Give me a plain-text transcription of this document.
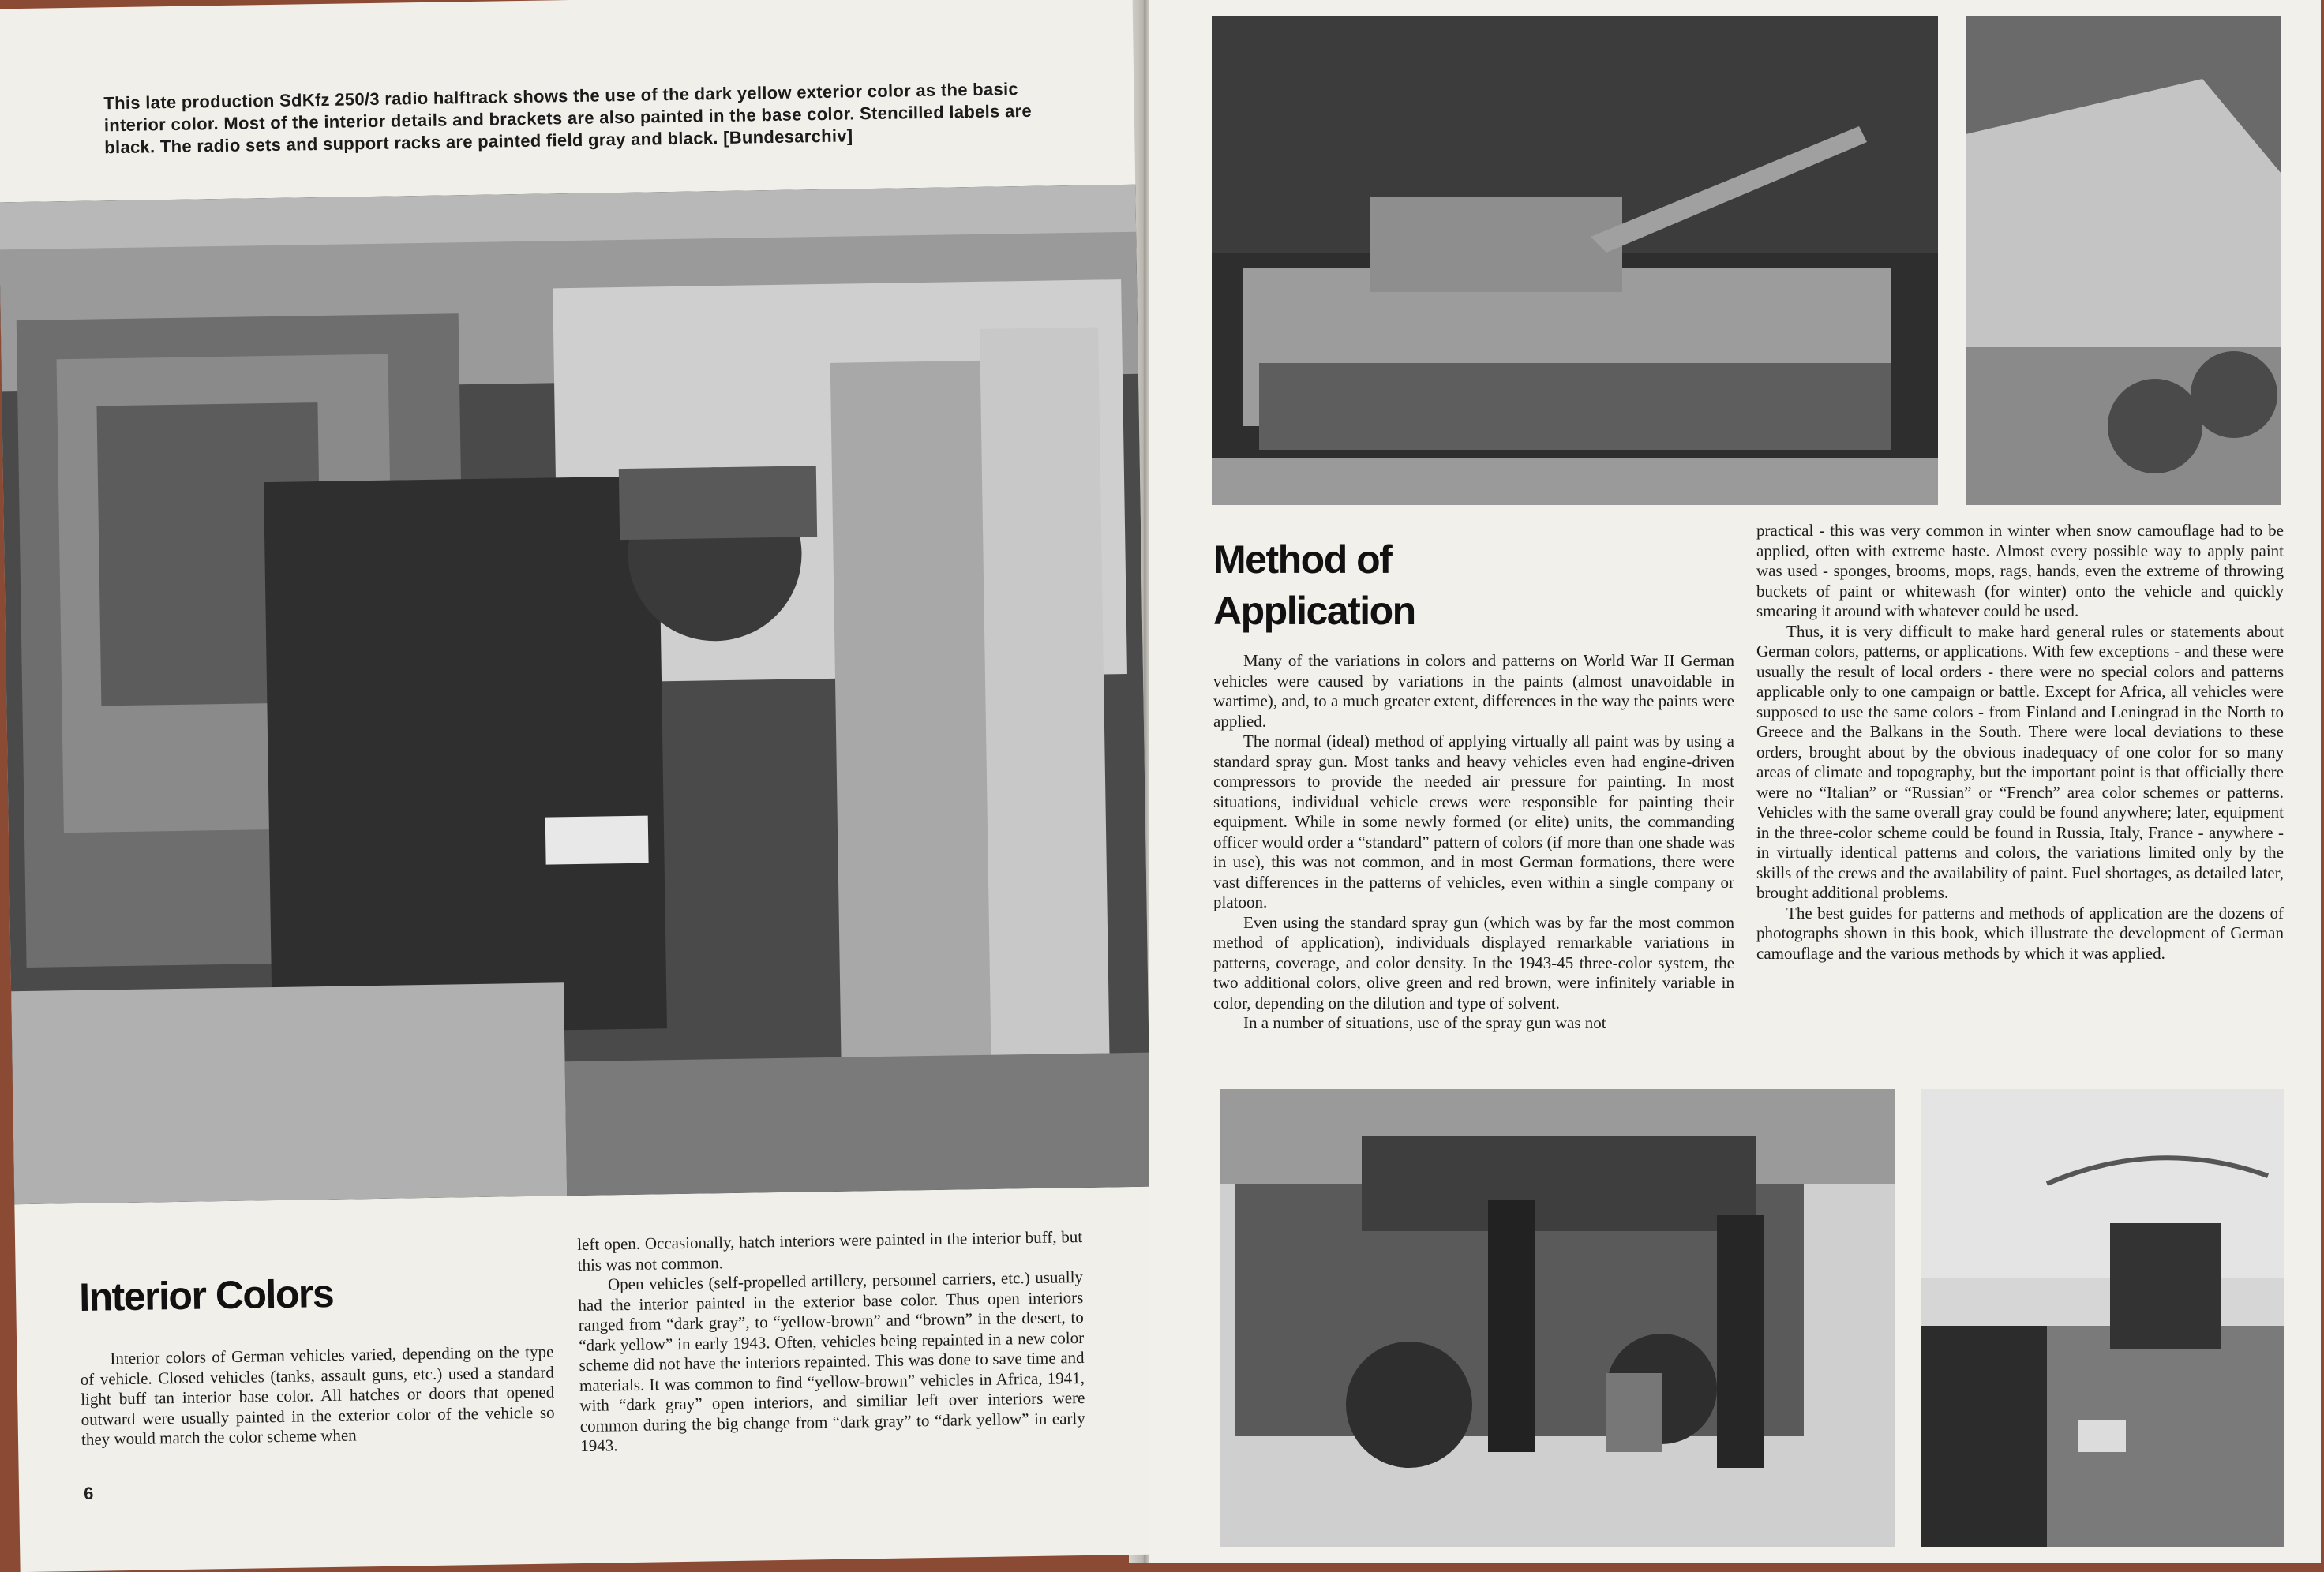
This late production SdKfz 250/3 radio halftrack shows the use of the dark yellow exterior color as the basic interior color. Most of the interior details and brackets are also painted in the base color. Stencilled labels are black. The radio sets and support racks are painted field gray and black. [Bundesarchiv]
Interior Colors

Interior colors of German vehicles varied, depending on the type of vehicle. Closed vehicles (tanks, assault guns, etc.) used a standard light buff tan interior base color. All hatches or doors that opened outward were usually painted in the exterior color of the vehicle so they would match the color scheme when

left open. Occasionally, hatch interiors were painted in the interior buff, but this was not common.

Open vehicles (self-propelled artillery, personnel carriers, etc.) usually had the interior painted in the exterior base color. Thus open interiors ranged from “dark gray”, to “yellow-brown” and “brown” in the desert, to “dark yellow” in early 1943. Often, vehicles being repainted in a new color scheme did not have the interiors repainted. This was done to save time and materials. It was common to find “yellow-brown” vehicles in Africa, 1941, with “dark gray” open interiors, and similiar left over interiors were common during the big change from “dark gray” to “dark yellow” in early 1943.

6
Method of
Application

Many of the variations in colors and patterns on World War II German vehicles were caused by variations in the paints (almost unavoidable in wartime), and, to a much greater extent, differences in the way the paints were applied.

The normal (ideal) method of applying virtually all paint was by using a standard spray gun. Most tanks and heavy vehicles even had engine-driven compressors to provide the needed air pressure for painting. In most situations, individual vehicle crews were responsible for painting their equipment. While in some newly formed (or elite) units, the commanding officer would order a “standard” pattern of colors (if more than one shade was in use), this was not common, and in most German formations, there were vast differences in the patterns of vehicles, even within a single company or platoon.

Even using the standard spray gun (which was by far the most common method of application), individuals displayed remarkable variations in patterns, coverage, and color density. In the 1943-45 three-color system, the two additional colors, olive green and red brown, were infinitely variable in color, depending on the dilution and type of solvent.

In a number of situations, use of the spray gun was not

practical - this was very common in winter when snow camouflage had to be applied, often with extreme haste. Almost every possible way to apply paint was used - sponges, brooms, mops, rags, hands, even the extreme of throwing buckets of paint or whitewash (for winter) onto the vehicle and quickly smearing it around with whatever could be used.

Thus, it is very difficult to make hard general rules or statements about German colors, patterns, or applications. With few exceptions - and these were usually the result of local orders - there were no special colors and patterns applicable only to one campaign or battle. Except for Africa, all vehicles were supposed to use the same colors - from Finland and Leningrad in the North to Greece and the Balkans in the South. There were local deviations to these orders, brought about by the obvious inadequacy of one color for so many areas of climate and topography, but the important point is that officially there were no “Italian” or “Russian” or “French” area color schemes or patterns. Vehicles with the same overall gray could be found anywhere; later, equipment in the three-color scheme could be found in Russia, Italy, France - anywhere - in virtually identical patterns and colors, the variations limited only by the skills of the crews and the availability of paint. Fuel shortages, as detailed later, brought additional problems.

The best guides for patterns and methods of application are the dozens of photographs shown in this book, which illustrate the development of German camouflage and the various methods by which it was applied.
